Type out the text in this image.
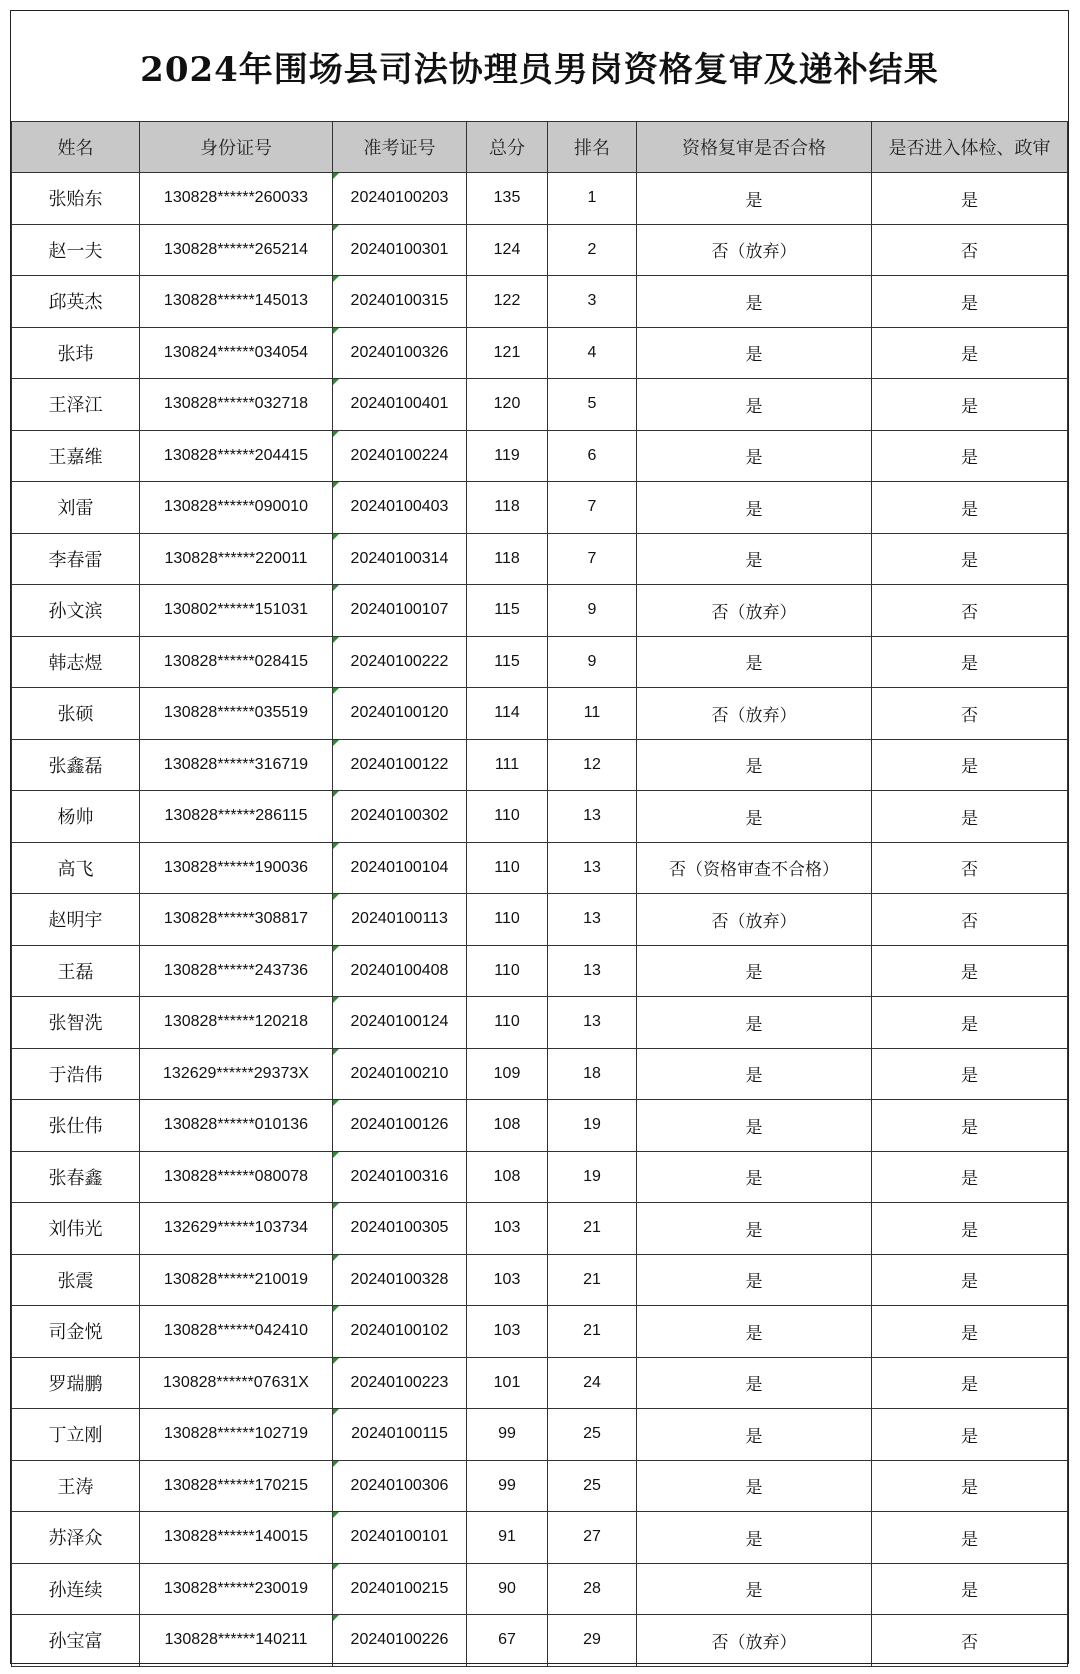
2024年围场县司法协理员男岗资格复审及递补结果
姓名	身份证号	准考证号	总分	排名	资格复审是否合格	是否进入体检、政审
张贻东	130828******260033	20240100203	135	1	是	是
赵一夫	130828******265214	20240100301	124	2	否（放弃）	否
邱英杰	130828******145013	20240100315	122	3	是	是
张玮	130824******034054	20240100326	121	4	是	是
王泽江	130828******032718	20240100401	120	5	是	是
王嘉维	130828******204415	20240100224	119	6	是	是
刘雷	130828******090010	20240100403	118	7	是	是
李春雷	130828******220011	20240100314	118	7	是	是
孙文滨	130802******151031	20240100107	115	9	否（放弃）	否
韩志煜	130828******028415	20240100222	115	9	是	是
张硕	130828******035519	20240100120	114	11	否（放弃）	否
张鑫磊	130828******316719	20240100122	111	12	是	是
杨帅	130828******286115	20240100302	110	13	是	是
高飞	130828******190036	20240100104	110	13	否（资格审查不合格）	否
赵明宇	130828******308817	20240100113	110	13	否（放弃）	否
王磊	130828******243736	20240100408	110	13	是	是
张智洗	130828******120218	20240100124	110	13	是	是
于浩伟	132629******29373X	20240100210	109	18	是	是
张仕伟	130828******010136	20240100126	108	19	是	是
张春鑫	130828******080078	20240100316	108	19	是	是
刘伟光	132629******103734	20240100305	103	21	是	是
张震	130828******210019	20240100328	103	21	是	是
司金悦	130828******042410	20240100102	103	21	是	是
罗瑞鹏	130828******07631X	20240100223	101	24	是	是
丁立刚	130828******102719	20240100115	99	25	是	是
王涛	130828******170215	20240100306	99	25	是	是
苏泽众	130828******140015	20240100101	91	27	是	是
孙连续	130828******230019	20240100215	90	28	是	是
孙宝富	130828******140211	20240100226	67	29	否（放弃）	否
